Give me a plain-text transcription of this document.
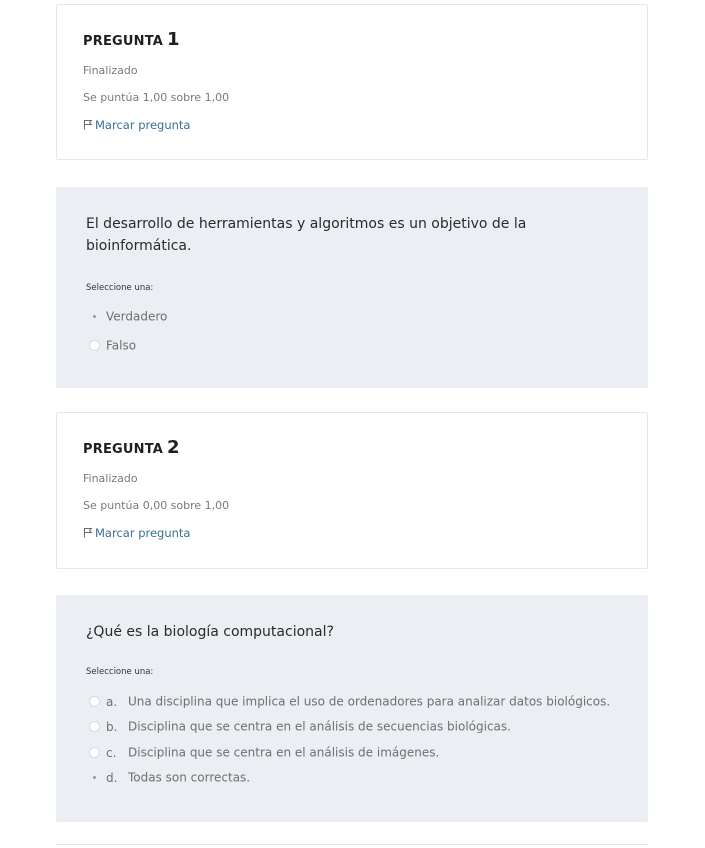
PREGUNTA 1
Finalizado
Se puntúa 1,00 sobre 1,00
Marcar pregunta

El desarrollo de herramientas y algoritmos es un objetivo de la bioinformática.

Seleccione una:
Verdadero
Falso
PREGUNTA 2
Finalizado
Se puntúa 0,00 sobre 1,00
Marcar pregunta

¿Qué es la biología computacional?

Seleccione una:
a. Una disciplina que implica el uso de ordenadores para analizar datos biológicos.
b. Disciplina que se centra en el análisis de secuencias biológicas.
c. Disciplina que se centra en el análisis de imágenes.
d. Todas son correctas.
